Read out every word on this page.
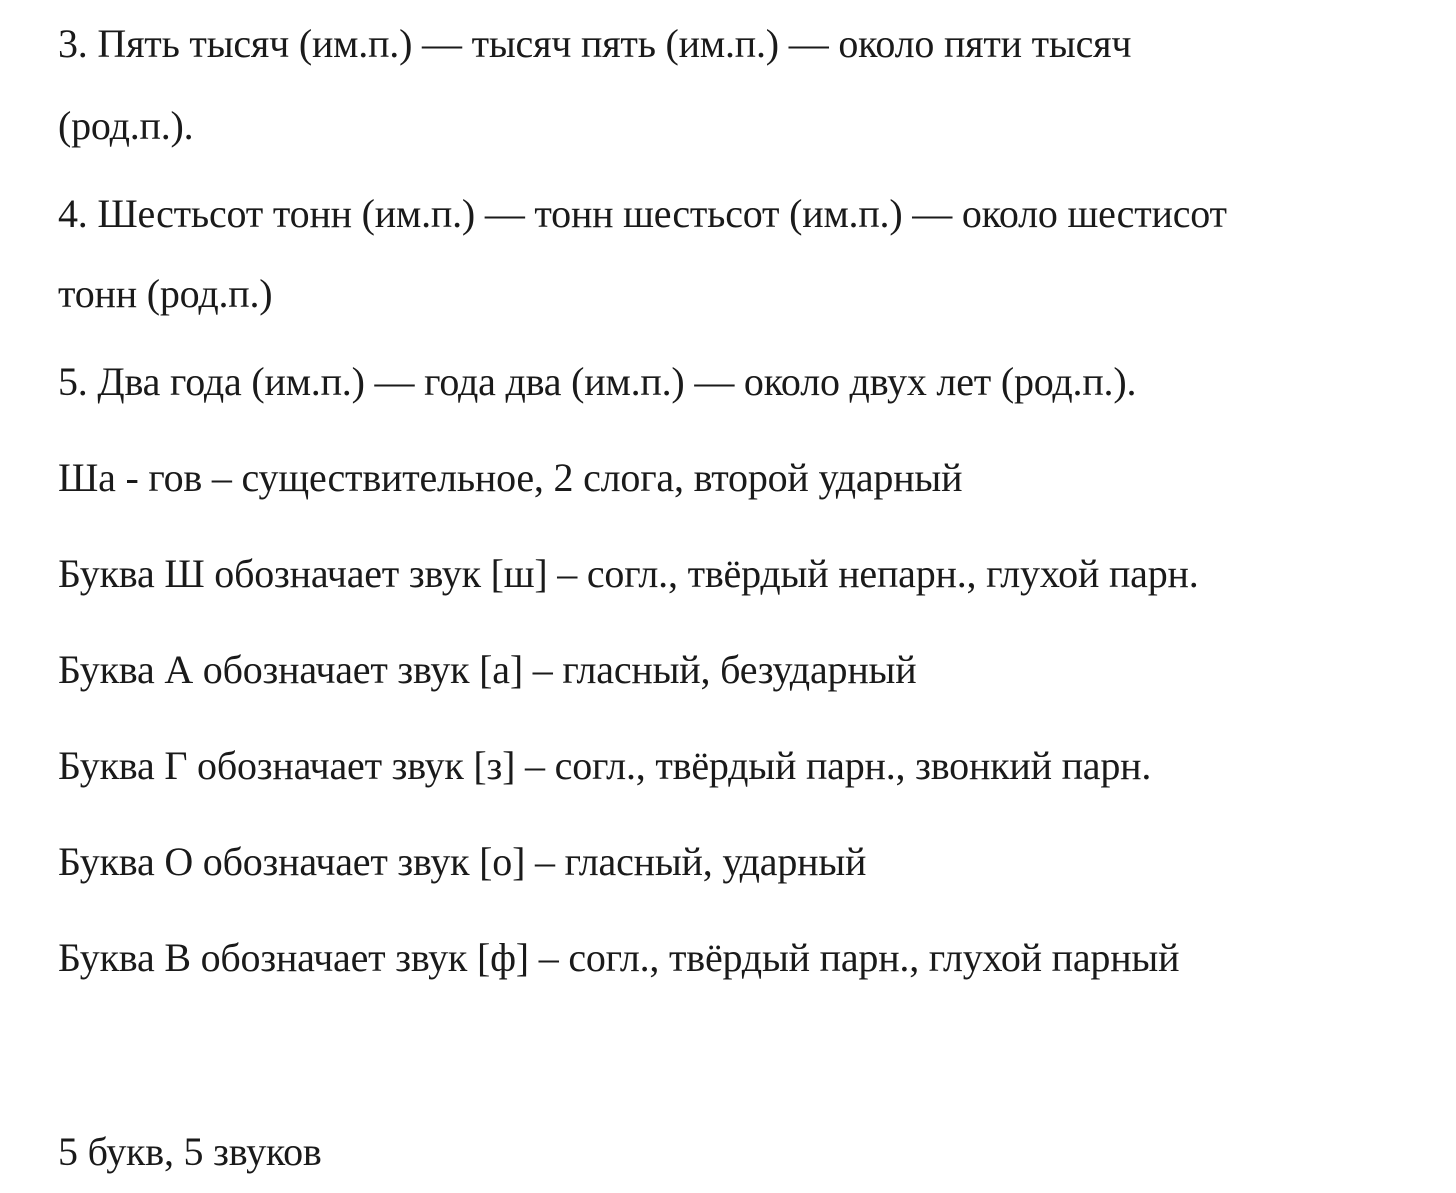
3. Пять тысяч (им.п.) — тысяч пять (им.п.) — около пяти тысяч
(род.п.).
4. Шестьсот тонн (им.п.) — тонн шестьсот (им.п.) — около шестисот
тонн (род.п.)
5. Два года (им.п.) — года два (им.п.) — около двух лет (род.п.).
Ша - гов – существительное, 2 слога, второй ударный
Буква Ш обозначает звук [ш] – согл., твёрдый непарн., глухой парн.
Буква А обозначает звук [а] – гласный, безударный
Буква Г обозначает звук [з] – согл., твёрдый парн., звонкий парн.
Буква О обозначает звук [о] – гласный, ударный
Буква В обозначает звук [ф] – согл., твёрдый парн., глухой парный
5 букв, 5 звуков
